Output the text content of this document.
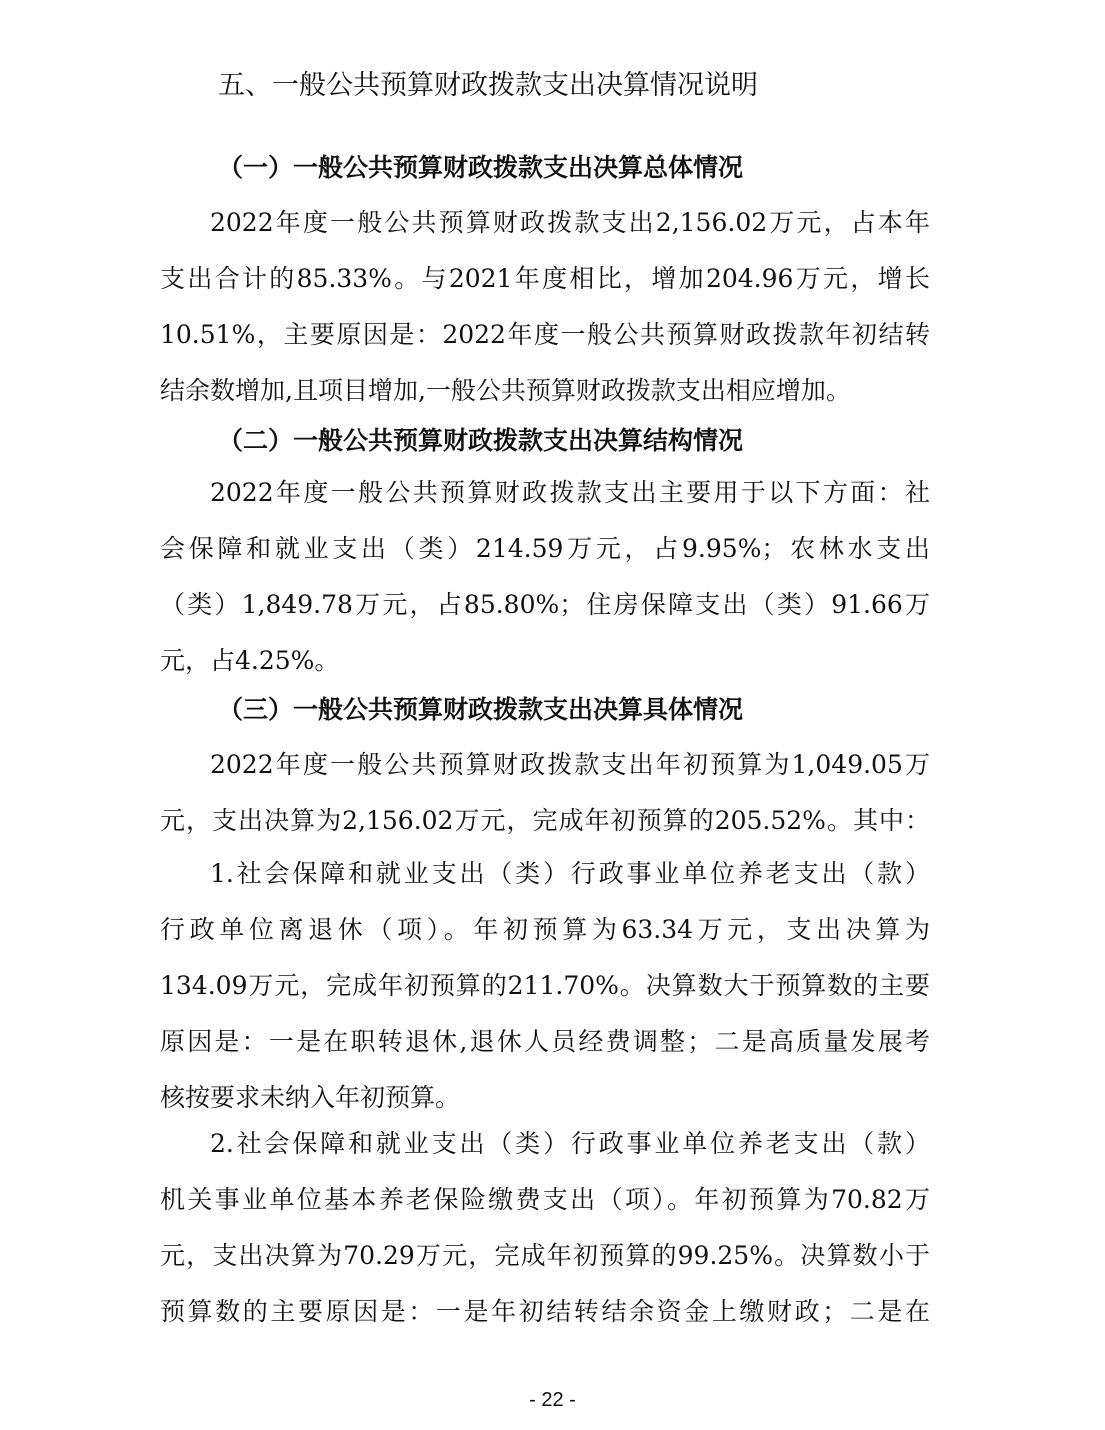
五、一般公共预算财政拨款支出决算情况说明
（一）一般公共预算财政拨款支出决算总体情况
2022年度一般公共预算财政拨款支出2,156.02万元，占本年
支出合计的85.33%。与2021年度相比，增加204.96万元，增长
10.51%，主要原因是：2022年度一般公共预算财政拨款年初结转
结余数增加,且项目增加,一般公共预算财政拨款支出相应增加。
（二）一般公共预算财政拨款支出决算结构情况
2022年度一般公共预算财政拨款支出主要用于以下方面：社
会保障和就业支出（类）214.59万元，占9.95%；农林水支出
（类）1,849.78万元，占85.80%；住房保障支出（类）91.66万
元，占4.25%。
（三）一般公共预算财政拨款支出决算具体情况
2022年度一般公共预算财政拨款支出年初预算为1,049.05万
元，支出决算为2,156.02万元，完成年初预算的205.52%。其中：
1.社会保障和就业支出（类）行政事业单位养老支出（款）
行政单位离退休（项）。年初预算为63.34万元，支出决算为
134.09万元，完成年初预算的211.70%。决算数大于预算数的主要
原因是：一是在职转退休,退休人员经费调整；二是高质量发展考
核按要求未纳入年初预算。
2.社会保障和就业支出（类）行政事业单位养老支出（款）
机关事业单位基本养老保险缴费支出（项）。年初预算为70.82万
元，支出决算为70.29万元，完成年初预算的99.25%。决算数小于
预算数的主要原因是：一是年初结转结余资金上缴财政；二是在
- 22 -
